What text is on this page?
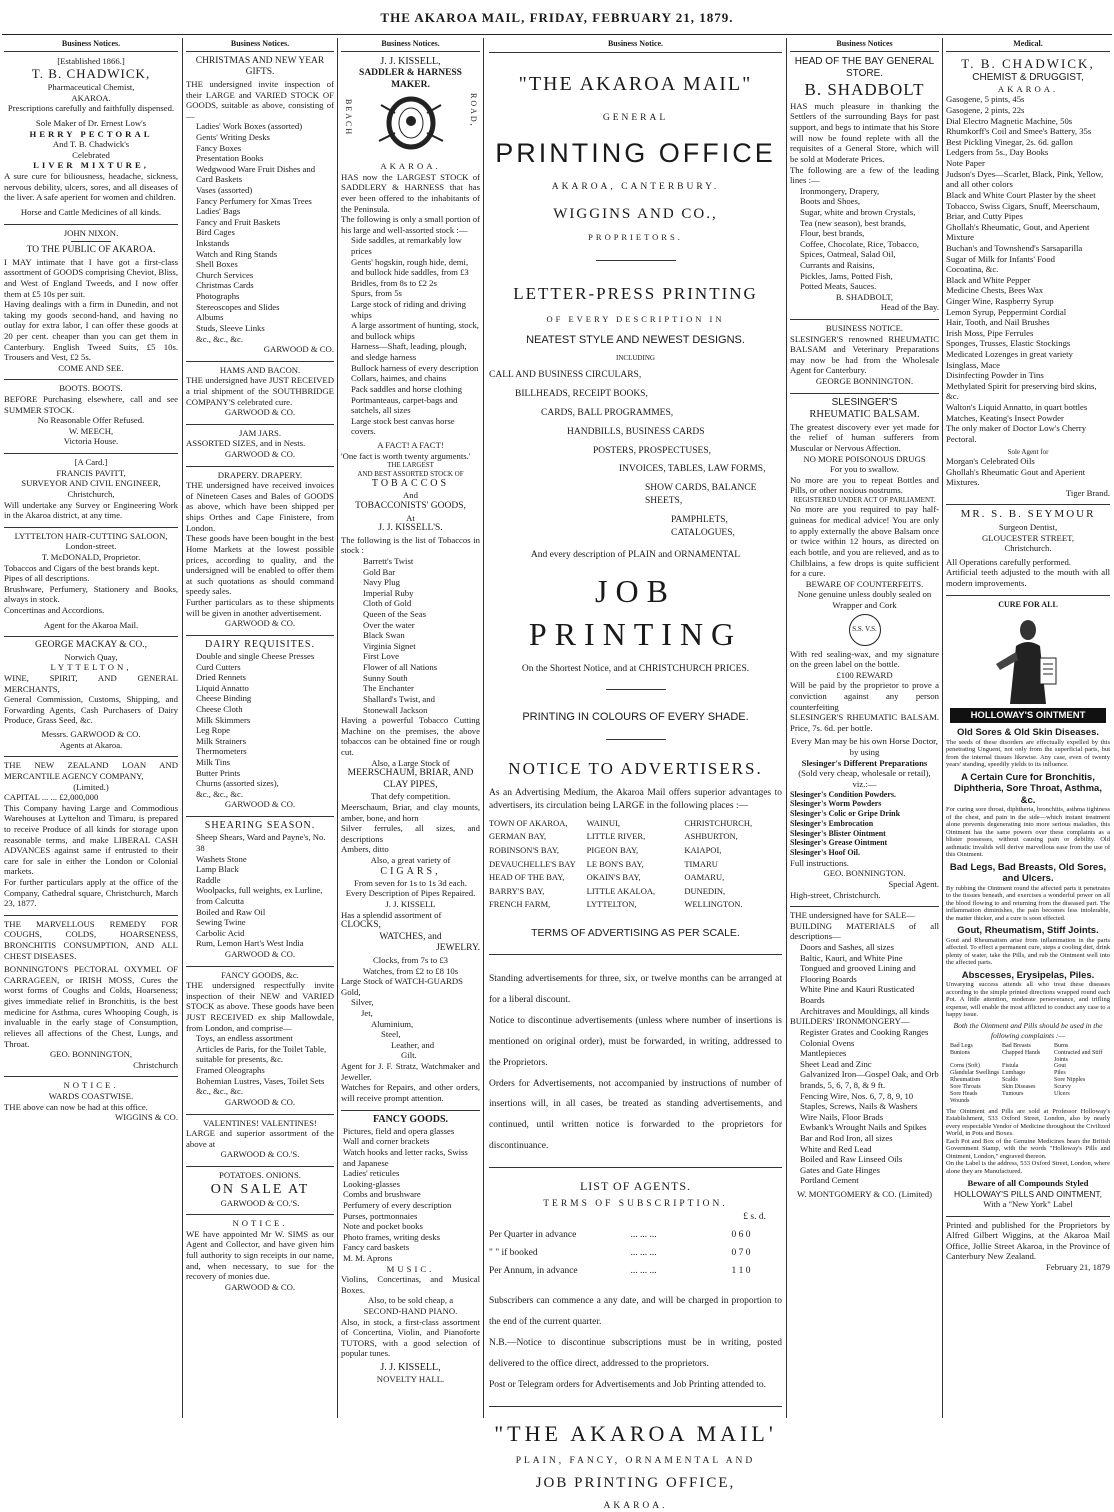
THE AKAROA MAIL, FRIDAY, FEBRUARY 21, 1879.
Business Notices.
[Established 1866.]
T. B. CHADWICK,
Pharmaceutical Chemist,
AKAROA.
Prescriptions carefully and faithfully dispensed.
Sole Maker of Dr. Ernest Low's
HERRY PECTORAL
And T. B. Chadwick's
Celebrated
LIVER MIXTURE,
A sure cure for biliousness, headache, sickness, nervous debility, ulcers, sores, and all diseases of the liver. A safe aperient for women and children.
Horse and Cattle Medicines of all kinds.
JOHN NIXON.
TO THE PUBLIC OF AKAROA.
I MAY intimate that I have got a first-class assortment of GOODS comprising Cheviot, Bliss, and West of England Tweeds, and I now offer them at £5 10s per suit.
Having dealings with a firm in Dunedin, and not taking my goods second-hand, and having no outlay for extra labor, I can offer these goods at 20 per cent. cheaper than you can get them in Canterbury. English Tweed Suits, £5 10s. Trousers and Vest, £2 5s.
COME AND SEE.
BOOTS. BOOTS.
BEFORE Purchasing elsewhere, call and see SUMMER STOCK.
No Reasonable Offer Refused.
W. MEECH,
Victoria House.
[A Card.]
FRANCIS PAVITT,
SURVEYOR AND CIVIL ENGINEER,
Christchurch,
Will undertake any Survey or Engineering Work in the Akaroa district, at any time.
LYTTELTON HAIR-CUTTING SALOON,
London-street.
T. McDONALD, Proprietor.
Tobaccos and Cigars of the best brands kept.
Pipes of all descriptions.
Brushware, Perfumery, Stationery and Books, always in stock.
Concertinas and Accordions.
Agent for the Akaroa Mail.
GEORGE MACKAY & CO.,
Norwich Quay,
LYTTELTON,
WINE, SPIRIT, AND GENERAL MERCHANTS,
General Commission, Customs, Shipping, and Forwarding Agents, Cash Purchasers of Dairy Produce, Grass Seed, &c.
Messrs. GARWOOD & CO.
Agents at Akaroa.
THE NEW ZEALAND LOAN AND MERCANTILE AGENCY COMPANY,
(Limited.)
CAPITAL ... ... £2,000,000
This Company having Large and Commodious Warehouses at Lyttelton and Timaru, is prepared to receive Produce of all kinds for storage upon reasonable terms, and make LIBERAL CASH ADVANCES against same if entrusted to their care for sale in either the London or Colonial markets.
For further particulars apply at the office of the Company, Cathedral square, Christchurch, March 23, 1877.
THE MARVELLOUS REMEDY FOR COUGHS, COLDS, HOARSENESS, BRONCHITIS CONSUMPTION, AND ALL CHEST DISEASES.
BONNINGTON'S PECTORAL OXYMEL OF CARRAGEEN, or IRISH MOSS, Cures the worst forms of Coughs and Colds, Hoarseness; gives immediate relief in Bronchitis, is the best medicine for Asthma, cures Whooping Cough, is invaluable in the early stage of Consumption, relieves all affections of the Chest, Lungs, and Throat.
GEO. BONNINGTON,
Christchurch
NOTICE.
WARDS COASTWISE.
THE above can now be had at this office.
WIGGINS & CO.
Business Notices.
CHRISTMAS AND NEW YEAR GIFTS.
THE undersigned invite inspection of their LARGE and VARIED STOCK OF GOODS, suitable as above, consisting of—
Ladies' Work Boxes (assorted)
Gents' Writing Desks
Fancy Boxes
Presentation Books
Wedgwood Ware Fruit Dishes and Card Baskets
Vases (assorted)
Fancy Perfumery for Xmas Trees
Ladies' Bags
Fancy and Fruit Baskets
Bird Cages
Inkstands
Watch and Ring Stands
Shell Boxes
Church Services
Christmas Cards
Photographs
Stereoscopes and Slides
Albums
Studs, Sleeve Links
&c., &c., &c.
GARWOOD & CO.
HAMS AND BACON.
THE undersigned have JUST RECEIVED a trial shipment of the SOUTHBRIDGE COMPANY'S celebrated cure.
GARWOOD & CO.
JAM JARS.
ASSORTED SIZES, and in Nests.
GARWOOD & CO.
DRAPERY. DRAPERY.
THE undersigned have received invoices of Nineteen Cases and Bales of GOODS as above, which have been shipped per ships Orthes and Cape Finistere, from London.
These goods have been bought in the best Home Markets at the lowest possible prices, according to quality, and the undersigned will be enabled to offer them at such quotations as should command speedy sales.
Further particulars as to these shipments will be given in another advertisement.
GARWOOD & CO.
DAIRY REQUISITES.
Double and single Cheese Presses
Curd Cutters
Dried Rennets
Liquid Annatto
Cheese Binding
Cheese Cloth
Milk Skimmers
Leg Rope
Milk Strainers
Thermometers
Milk Tins
Butter Prints
Churns (assorted sizes),
&c., &c., &c.
GARWOOD & CO.
SHEARING SEASON.
Sheep Shears, Ward and Payne's, No. 38
Washets Stone
Lamp Black
Raddle
Woolpacks, full weights, ex Lurline, from Calcutta
Boiled and Raw Oil
Sewing Twine
Carbolic Acid
Rum, Lemon Hart's West India
GARWOOD & CO.
FANCY GOODS, &c.
THE undersigned respectfully invite inspection of their NEW and VARIED STOCK as above. These goods have been JUST RECEIVED ex ship Mallowdale, from London, and comprise—
Toys, an endless assortment
Articles de Paris, for the Toilet Table, suitable for presents, &c.
Framed Oleographs
Bohemian Lustres, Vases, Toilet Sets
&c., &c., &c.
GARWOOD & CO.
VALENTINES! VALENTINES!
LARGE and superior assortment of the above at
GARWOOD & CO.'S.
POTATOES. ONIONS.
ON SALE AT
GARWOOD & CO.'S.
NOTICE.
WE have appointed Mr W. SIMS as our Agent and Collector, and have given him full authority to sign receipts in our name, and, when necessary, to sue for the recovery of monies due.
GARWOOD & CO.
Business Notices.
J. J. KISSELL,
SADDLER & HARNESS MAKER.
BEACH	ROAD,
AKAROA.
HAS now the LARGEST STOCK of SADDLERY & HARNESS that has ever been offered to the inhabitants of the Peninsula.
The following is only a small portion of his large and well-assorted stock :—
Side saddles, at remarkably low prices
Gents' hogskin, rough hide, demi, and bullock hide saddles, from £3
Bridles, from 8s to £2 2s
Spurs, from 5s
Large stock of riding and driving whips
A large assortment of hunting, stock, and bullock whips
Harness—Shaft, leading, plough, and sledge harness
Bullock harness of every description
Collars, haimes, and chains
Pack saddles and horse clothing
Portmanteaus, carpet-bags and satchels, all sizes
Large stock best canvas horse covers.
A FACT! A FACT!
'One fact is worth twenty arguments.'
THE LARGEST
AND BEST ASSORTED STOCK OF
TOBACCOS
And
TOBACCONISTS' GOODS,
At
J. J. KISSELL'S.
The following is the list of Tobaccos in stock :
Barrett's Twist
Gold Bar
Navy Plug
Imperial Ruby
Cloth of Gold
Queen of the Seas
Over the water
Black Swan
Virginia Signet
First Love
Flower of all Nations
Sunny South
The Enchanter
Shallard's Twist, and
Stonewall Jackson
Having a powerful Tobacco Cutting Machine on the premises, the above tobaccos can be obtained fine or rough cut.
Also, a Large Stock of
MEERSCHAUM, BRIAR, AND CLAY PIPES,
That defy competition.
Meerschaum, Briar, and clay mounts, amber, bone, and horn
Silver ferrules, all sizes, and descriptions
Ambers, ditto
Also, a great variety of
CIGARS,
From seven for 1s to 1s 3d each.
Every Description of Pipes Repaired.
J. J. KISSELL
Has a splendid assortment of
CLOCKS,
WATCHES, and
JEWELRY.
Clocks, from 7s to £3
Watches, from £2 to £8 10s
Large Stock of WATCH-GUARDS
Gold,
Silver,
Jet,
Aluminium,
Steel,
Leather, and
Gilt.
Agent for J. F. Stratz, Watchmaker and Jeweller.
Watches for Repairs, and other orders, will receive prompt attention.
FANCY GOODS.
Pictures, field and opera glasses
Wall and corner brackets
Watch hooks and letter racks, Swiss and Japanese
Ladies' reticules
Looking-glasses
Combs and brushware
Perfumery of every description
Purses, portmonnaies
Note and pocket books
Photo frames, writing desks
Fancy card baskets
M. M. Aprons
MUSIC.
Violins, Concertinas, and Musical Boxes.
Also, to be sold cheap, a
SECOND-HAND PIANO.
Also, in stock, a first-class assortment of Concertina, Violin, and Pianoforte TUTORS, with a good selection of popular tunes.
J. J. KISSELL,
NOVELTY HALL.
Business Notice.
"THE AKAROA MAIL"
GENERAL
PRINTING OFFICE
AKAROA, CANTERBURY.
WIGGINS AND CO.,
PROPRIETORS.
LETTER-PRESS PRINTING
OF EVERY DESCRIPTION IN
NEATEST STYLE AND NEWEST DESIGNS.
INCLUDING
CALL AND BUSINESS CIRCULARS,
BILLHEADS, RECEIPT BOOKS,
CARDS, BALL PROGRAMMES,
HANDBILLS, BUSINESS CARDS
POSTERS, PROSPECTUSES,
INVOICES, TABLES, LAW FORMS,
SHOW CARDS, BALANCE SHEETS,
PAMPHLETS, CATALOGUES,
And every description of PLAIN and ORNAMENTAL
JOB PRINTING
On the Shortest Notice, and at CHRISTCHURCH PRICES.
PRINTING IN COLOURS OF EVERY SHADE.
NOTICE TO ADVERTISERS.
As an Advertising Medium, the Akaroa Mail offers superior advantages to advertisers, its circulation being LARGE in the following places :—
TOWN OF AKAROA,	WAINUI,	CHRISTCHURCH,
GERMAN BAY,	LITTLE RIVER,	ASHBURTON,
ROBINSON'S BAY,	PIGEON BAY,	KAIAPOI,
DEVAUCHELLE'S BAY	LE BON'S BAY,	TIMARU
HEAD OF THE BAY,	OKAIN'S BAY,	OAMARU,
BARRY'S BAY,	LITTLE AKALOA,	DUNEDIN,
FRENCH FARM,	LYTTELTON,	WELLINGTON.
TERMS OF ADVERTISING AS PER SCALE.
Standing advertisements for three, six, or twelve months can be arranged at for a liberal discount.
Notice to discontinue advertisements (unless where number of insertions is mentioned on original order), must be forwarded, in writing, addressed to the Proprietors.
Orders for Advertisements, not accompanied by instructions of number of insertions will, in all cases, be treated as standing advertisements, and continued, until written notice is forwarded to the proprietors for discontinuance.
LIST OF AGENTS.
TERMS OF SUBSCRIPTION.
£ s. d.
Per Quarter in advance	... ... ...	0 6 0
" " if booked	... ... ...	0 7 0
Per Annum, in advance	... ... ...	1 1 0
Subscribers can commence a any date, and will be charged in proportion to the end of the current quarter.
N.B.—Notice to discontinue subscriptions must be in writing, posted delivered to the office direct, addressed to the proprietors.
Post or Telegram orders for Advertisements and Job Printing attended to.
"THE AKAROA MAIL'
PLAIN, FANCY, ORNAMENTAL AND
JOB PRINTING OFFICE,
AKAROA.
Business Notices
HEAD OF THE BAY GENERAL STORE.
B. SHADBOLT
HAS much pleasure in thanking the Settlers of the surrounding Bays for past support, and begs to intimate that his Store will now be found replete with all the requisites of a General Store, which will be sold at Moderate Prices.
The following are a few of the leading lines :—
Ironmongery, Drapery,
Boots and Shoes,
Sugar, white and brown Crystals,
Tea (new season), best brands,
Flour, best brands,
Coffee, Chocolate, Rice, Tobacco,
Spices, Oatmeal, Salad Oil,
Currants and Raisins,
Pickles, Jams, Potted Fish,
Potted Meats, Sauces.
B. SHADBOLT,
Head of the Bay.
BUSINESS NOTICE.
SLESINGER'S renowned RHEUMATIC BALSAM and Veterinary Preparations may now be had from the Wholesale Agent for Canterbury.
GEORGE BONNINGTON.
SLESINGER'S
RHEUMATIC BALSAM.
The greatest discovery ever yet made for the relief of human sufferers from Muscular or Nervous Affection.
NO MORE POISONOUS DRUGS
For you to swallow.
No more are you to repeat Bottles and Pills, or other noxious nostrums.
REGISTERED UNDER ACT OF PARLIAMENT.
No more are you required to pay half-guineas for medical advice! You are only to apply externally the above Balsam once or twice within 12 hours, as directed on each bottle, and you are relieved, and as to Chilblains, a few drops is quite sufficient for a cure.
BEWARE OF COUNTERFEITS.
None genuine unless doubly sealed on Wrapper and Cork
S.S. V.S.
With red sealing-wax, and my signature on the green label on the bottle.
£100 REWARD
Will be paid by the proprietor to prove a conviction against any person counterfeiting
SLESINGER'S RHEUMATIC BALSAM. Price, 7s. 6d. per bottle.
Every Man may be his own Horse Doctor, by using
Slesinger's Different Preparations
(Sold very cheap, wholesale or retail), viz.:—
Slesinger's Condition Powders.
Slesinger's Worm Powders
Slesinger's Colic or Gripe Drink
Slesinger's Embrocation
Slesinger's Blister Ointment
Slesinger's Grease Ointment
Slesinger's Hoof Oil.
Full instructions.
GEO. BONNINGTON.
Special Agent.
High-street, Christchurch.
THE undersigned have for SALE—
BUILDING MATERIALS of all descriptions—
Doors and Sashes, all sizes
Baltic, Kauri, and White Pine
Tongued and grooved Lining and Flooring Boards
White Pine and Kauri Rusticated Boards
Architraves and Mouldings, all kinds
BUILDERS' IRONMONGERY—
Register Grates and Cooking Ranges
Colonial Ovens
Mantlepieces
Sheet Lead and Zinc
Galvanized Iron—Gospel Oak, and Orb brands, 5, 6, 7, 8, & 9 ft.
Fencing Wire, Nos. 6, 7, 8, 9, 10
Staples, Screws, Nails & Washers
Wire Nails, Floor Brads
Ewbank's Wrought Nails and Spikes
Bar and Rod Iron, all sizes
White and Red Lead
Boiled and Raw Linseed Oils
Gates and Gate Hinges
Portland Cement
W. MONTGOMERY & CO. (Limited)
Medical.
T. B. CHADWICK,
CHEMIST & DRUGGIST,
AKAROA.
Gasogene, 5 pints, 45s
Gasogene, 2 pints, 22s
Dial Electro Magnetic Machine, 50s
Rhumkorff's Coil and Smee's Battery, 35s
Best Pickling Vinegar, 2s. 6d. gallon
Ledgers from 5s., Day Books
Note Paper
Judson's Dyes—Scarlet, Black, Pink, Yellow, and all other colors
Black and White Court Plaster by the sheet
Tobacco, Swiss Cigars, Snuff, Meerschaum, Briar, and Cutty Pipes
Ghollah's Rheumatic, Gout, and Aperient Mixture
Buchan's and Townshend's Sarsaparilla
Sugar of Milk for Infants' Food
Cocoatina, &c.
Black and White Pepper
Medicine Chests, Bees Wax
Ginger Wine, Raspberry Syrup
Lemon Syrup, Peppermint Cordial
Hair, Tooth, and Nail Brushes
Irish Moss, Pipe Ferrules
Sponges, Trusses, Elastic Stockings
Medicated Lozenges in great variety
Isinglass, Mace
Disinfecting Powder in Tins
Methylated Spirit for preserving bird skins, &c.
Walton's Liquid Annatto, in quart bottles
Matches, Keating's Insect Powder
The only maker of Doctor Low's Cherry Pectoral.
Sole Agent for
Morgan's Celebrated Oils
Ghollah's Rheumatic Gout and Aperient Mixtures.
Tiger Brand.
MR. S. B. SEYMOUR
Surgeon Dentist,
GLOUCESTER STREET,
Christchurch.
All Operations carefully performed.
Artificial teeth adjusted to the mouth with all modern improvements.
CURE FOR ALL
HOLLOWAY'S OINTMENT
Old Sores & Old Skin Diseases.
The seeds of these disorders are effectually expelled by this penetrating Unguent, not only from the superficial parts, but from the internal tissues likewise. Any case, even of twenty years' standing, speedily yields to its influence.
A Certain Cure for Bronchitis, Diphtheria, Sore Throat, Asthma, &c.
For curing sore throat, diphtheria, bronchitis, asthma tightness of the chest, and pain in the side—which instant treatment alone prevents degenerating into more serious maladies, this Ointment has the same powers over these complaints as a blister possesses, without causing pain or debility. Old asthmatic invalids will derive marvellous ease from the use of this Ointment.
Bad Legs, Bad Breasts, Old Sores, and Ulcers.
By rubbing the Ointment round the affected parts it penetrates to the tissues beneath, and exercises a wonderful power on all the blood flowing to and returning from the diseased part. The inflammation diminishes, the pain becomes less intolerable, the matter thicker, and a cure is soon effected.
Gout, Rheumatism, Stiff Joints.
Gout and Rheumatism arise from inflammation in the parts affected. To effect a permanent cure, steps a cooling diet, drink plenty of water, take the Pills, and rub the Ointment well into the affected parts.
Abscesses, Erysipelas, Piles.
Unvarying success attends all who treat these diseases according to the simple printed directions wrapped round each Pot. A little attention, moderate perseverance, and trifling expense, will enable the most afflicted to conduct any case to a happy issue.
Both the Ointment and Pills should be used in the following complaints :—
Bad Legs	Bad Breasts	Burns
Bunions	Chapped Hands	Contracted and Stiff Joints
Corns (Soft)	Fistula	Gout
Glandular Swellings Lumbago	Piles
Rheumatism	Scalds	Sore Nipples
Sore Throats	Skin Diseases	Scurvy
Sore Heads	Tumours	Ulcers
Wounds
The Ointment and Pills are sold at Professor Holloway's Establishment, 533 Oxford Street, London, also by nearly every respectable Vendor of Medicine throughout the Civilized World, in Pots and Boxes.
Each Pot and Box of the Genuine Medicines bears the British Government Stamp, with the words "Holloway's Pills and Ointment, London," engraved thereon.
On the Label is the address, 533 Oxford Street, London, where alone they are Manufactured.
Beware of all Compounds Styled
HOLLOWAY'S PILLS AND OINTMENT,
With a "New York" Label
Printed and published for the Proprietors by Alfred Gilbert Wiggins, at the Akaroa Mail Office, Jollie Street Akaroa, in the Province of Canterbury New Zealand.
February 21, 1879
